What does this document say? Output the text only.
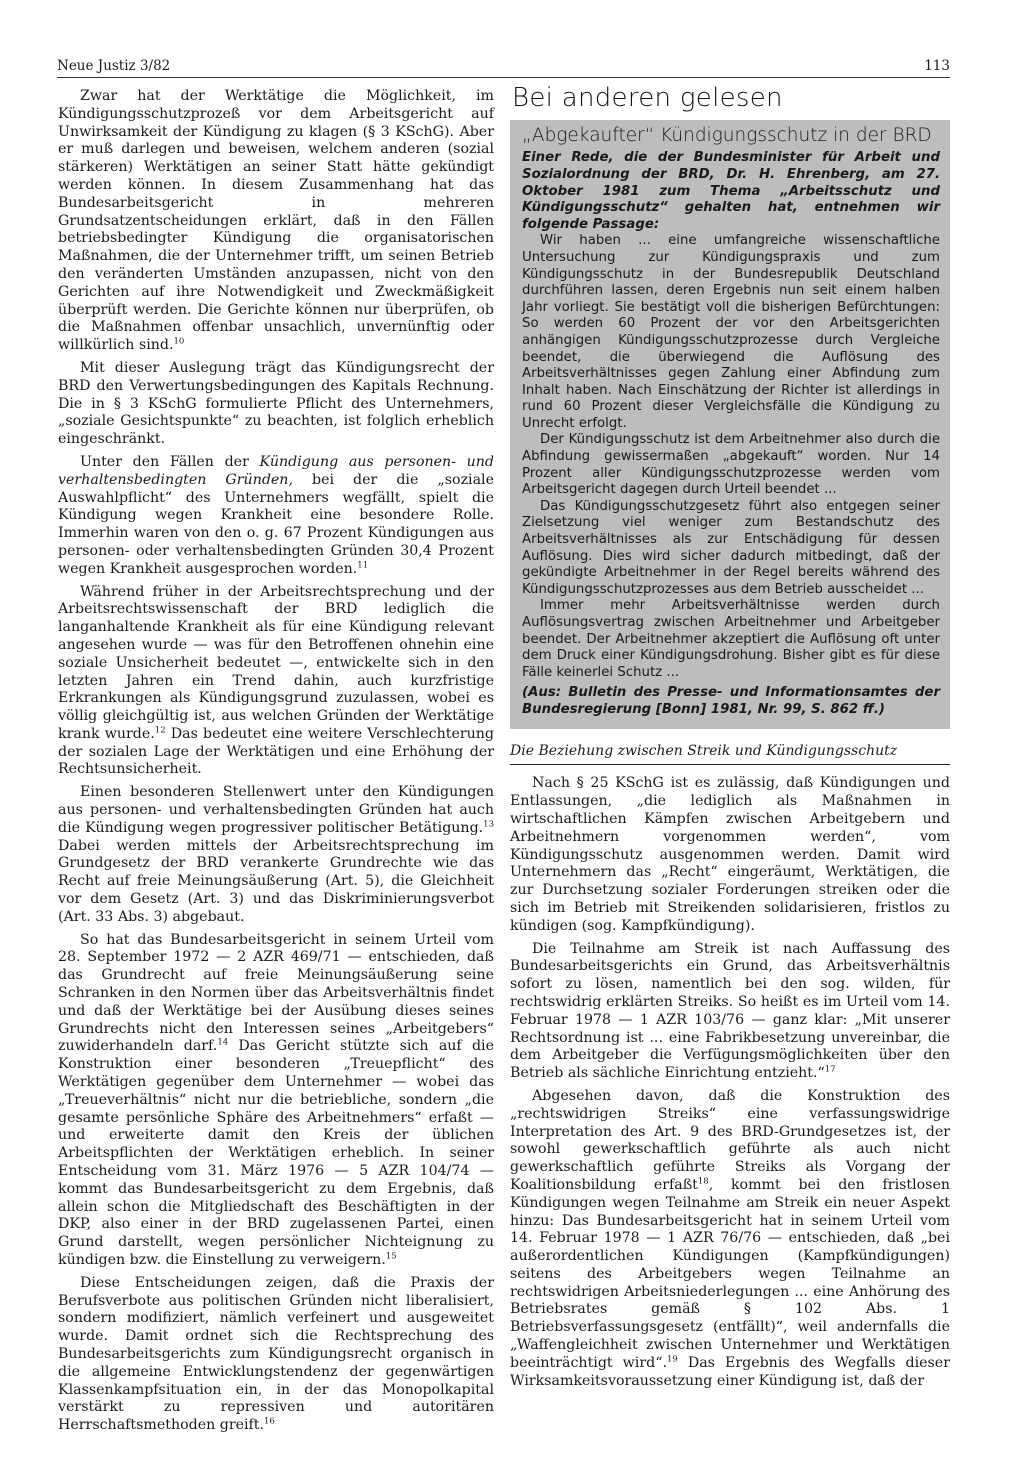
Neue Justiz 3/82	113

Zwar hat der Werktätige die Möglichkeit, im Kündigungsschutzprozeß vor dem Arbeitsgericht auf Unwirksamkeit der Kündigung zu klagen (§ 3 KSchG). Aber er muß darlegen und beweisen, welchem anderen (sozial stärkeren) Werktätigen an seiner Statt hätte gekündigt werden können. In diesem Zusammenhang hat das Bundesarbeitsgericht in mehreren Grundsatzentscheidungen erklärt, daß in den Fällen betriebsbedingter Kündigung die organisatorischen Maßnahmen, die der Unternehmer trifft, um seinen Betrieb den veränderten Umständen anzupassen, nicht von den Gerichten auf ihre Notwendigkeit und Zweckmäßigkeit überprüft werden. Die Gerichte können nur überprüfen, ob die Maßnahmen offenbar unsachlich, unvernünftig oder willkürlich sind.$^{10}$

Mit dieser Auslegung trägt das Kündigungsrecht der BRD den Verwertungsbedingungen des Kapitals Rechnung. Die in § 3 KSchG formulierte Pflicht des Unternehmers, „soziale Gesichtspunkte“ zu beachten, ist folglich erheblich eingeschränkt.

Unter den Fällen der Kündigung aus personen- und verhaltensbedingten Gründen, bei der die „soziale Auswahlpflicht“ des Unternehmers wegfällt, spielt die Kündigung wegen Krankheit eine besondere Rolle. Immerhin waren von den o. g. 67 Prozent Kündigungen aus personen- oder verhaltensbedingten Gründen 30,4 Prozent wegen Krankheit ausgesprochen worden.$^{11}$

Während früher in der Arbeitsrechtsprechung und der Arbeitsrechtswissenschaft der BRD lediglich die langanhaltende Krankheit als für eine Kündigung relevant angesehen wurde — was für den Betroffenen ohnehin eine soziale Unsicherheit bedeutet —, entwickelte sich in den letzten Jahren ein Trend dahin, auch kurzfristige Erkrankungen als Kündigungsgrund zuzulassen, wobei es völlig gleichgültig ist, aus welchen Gründen der Werktätige krank wurde.$^{12}$ Das bedeutet eine weitere Verschlechterung der sozialen Lage der Werktätigen und eine Erhöhung der Rechtsunsicherheit.

Einen besonderen Stellenwert unter den Kündigungen aus personen- und verhaltensbedingten Gründen hat auch die Kündigung wegen progressiver politischer Betätigung.$^{13}$ Dabei werden mittels der Arbeitsrechtsprechung im Grundgesetz der BRD verankerte Grundrechte wie das Recht auf freie Meinungsäußerung (Art. 5), die Gleichheit vor dem Gesetz (Art. 3) und das Diskriminierungsverbot (Art. 33 Abs. 3) abgebaut.

So hat das Bundesarbeitsgericht in seinem Urteil vom 28. September 1972 — 2 AZR 469/71 — entschieden, daß das Grundrecht auf freie Meinungsäußerung seine Schranken in den Normen über das Arbeitsverhältnis findet und daß der Werktätige bei der Ausübung dieses seines Grundrechts nicht den Interessen seines „Arbeitgebers“ zuwiderhandeln darf.$^{14}$ Das Gericht stützte sich auf die Konstruktion einer besonderen „Treuepflicht“ des Werktätigen gegenüber dem Unternehmer — wobei das „Treueverhältnis“ nicht nur die betriebliche, sondern „die gesamte persönliche Sphäre des Arbeitnehmers“ erfaßt — und erweiterte damit den Kreis der üblichen Arbeitspflichten der Werktätigen erheblich. In seiner Entscheidung vom 31. März 1976 — 5 AZR 104/74 — kommt das Bundesarbeitsgericht zu dem Ergebnis, daß allein schon die Mitgliedschaft des Beschäftigten in der DKP, also einer in der BRD zugelassenen Partei, einen Grund darstellt, wegen persönlicher Nichteignung zu kündigen bzw. die Einstellung zu verweigern.$^{15}$

Diese Entscheidungen zeigen, daß die Praxis der Berufsverbote aus politischen Gründen nicht liberalisiert, sondern modifiziert, nämlich verfeinert und ausgeweitet wurde. Damit ordnet sich die Rechtsprechung des Bundesarbeitsgerichts zum Kündigungsrecht organisch in die allgemeine Entwicklungstendenz der gegenwärtigen Klassenkampfsituation ein, in der das Monopolkapital verstärkt zu repressiven und autoritären Herrschaftsmethoden greift.$^{16}$

Bei anderen gelesen
„Abgekaufter“ Kündigungsschutz in der BRD
Einer Rede, die der Bundesminister für Arbeit und Sozialordnung der BRD, Dr. H. Ehrenberg, am 27. Oktober 1981 zum Thema „Arbeitsschutz und Kündigungsschutz“ gehalten hat, entnehmen wir folgende Passage:

Wir haben ... eine umfangreiche wissenschaftliche Untersuchung zur Kündigungspraxis und zum Kündigungsschutz in der Bundesrepublik Deutschland durchführen lassen, deren Ergebnis nun seit einem halben Jahr vorliegt. Sie bestätigt voll die bisherigen Befürchtungen: So werden 60 Prozent der vor den Arbeitsgerichten anhängigen Kündigungsschutzprozesse durch Vergleiche beendet, die überwiegend die Auflösung des Arbeitsverhältnisses gegen Zahlung einer Abfindung zum Inhalt haben. Nach Einschätzung der Richter ist allerdings in rund 60 Prozent dieser Vergleichsfälle die Kündigung zu Unrecht erfolgt.

Der Kündigungsschutz ist dem Arbeitnehmer also durch die Abfindung gewissermaßen „abgekauft“ worden. Nur 14 Prozent aller Kündigungsschutzprozesse werden vom Arbeitsgericht dagegen durch Urteil beendet ...

Das Kündigungsschutzgesetz führt also entgegen seiner Zielsetzung viel weniger zum Bestandschutz des Arbeitsverhältnisses als zur Entschädigung für dessen Auflösung. Dies wird sicher dadurch mitbedingt, daß der gekündigte Arbeitnehmer in der Regel bereits während des Kündigungsschutzprozesses aus dem Betrieb ausscheidet ...

Immer mehr Arbeitsverhältnisse werden durch Auflösungsvertrag zwischen Arbeitnehmer und Arbeitgeber beendet. Der Arbeitnehmer akzeptiert die Auflösung oft unter dem Druck einer Kündigungsdrohung. Bisher gibt es für diese Fälle keinerlei Schutz ...

(Aus: Bulletin des Presse- und Informationsamtes der Bundesregierung [Bonn] 1981, Nr. 99, S. 862 ff.)
Die Beziehung zwischen Streik und Kündigungsschutz

Nach § 25 KSchG ist es zulässig, daß Kündigungen und Entlassungen, „die lediglich als Maßnahmen in wirtschaftlichen Kämpfen zwischen Arbeitgebern und Arbeitnehmern vorgenommen werden“, vom Kündigungsschutz ausgenommen werden. Damit wird Unternehmern das „Recht“ eingeräumt, Werktätigen, die zur Durchsetzung sozialer Forderungen streiken oder die sich im Betrieb mit Streikenden solidarisieren, fristlos zu kündigen (sog. Kampfkündigung).

Die Teilnahme am Streik ist nach Auffassung des Bundesarbeitsgerichts ein Grund, das Arbeitsverhältnis sofort zu lösen, namentlich bei den sog. wilden, für rechtswidrig erklärten Streiks. So heißt es im Urteil vom 14. Februar 1978 — 1 AZR 103/76 — ganz klar: „Mit unserer Rechtsordnung ist ... eine Fabrikbesetzung unvereinbar, die dem Arbeitgeber die Verfügungsmöglichkeiten über den Betrieb als sächliche Einrichtung entzieht.“$^{17}$

Abgesehen davon, daß die Konstruktion des „rechtswidrigen Streiks“ eine verfassungswidrige Interpretation des Art. 9 des BRD-Grundgesetzes ist, der sowohl gewerkschaftlich geführte als auch nicht gewerkschaftlich geführte Streiks als Vorgang der Koalitionsbildung erfaßt$^{18}$, kommt bei den fristlosen Kündigungen wegen Teilnahme am Streik ein neuer Aspekt hinzu: Das Bundesarbeitsgericht hat in seinem Urteil vom 14. Februar 1978 — 1 AZR 76/76 — entschieden, daß „bei außerordentlichen Kündigungen (Kampfkündigungen) seitens des Arbeitgebers wegen Teilnahme an rechtswidrigen Arbeitsniederlegungen ... eine Anhörung des Betriebsrates gemäß § 102 Abs. 1 Betriebsverfassungsgesetz (entfällt)“, weil andernfalls die „Waffengleichheit zwischen Unternehmer und Werktätigen beeinträchtigt wird“.$^{19}$ Das Ergebnis des Wegfalls dieser Wirksamkeitsvoraussetzung einer Kündigung ist, daß der
